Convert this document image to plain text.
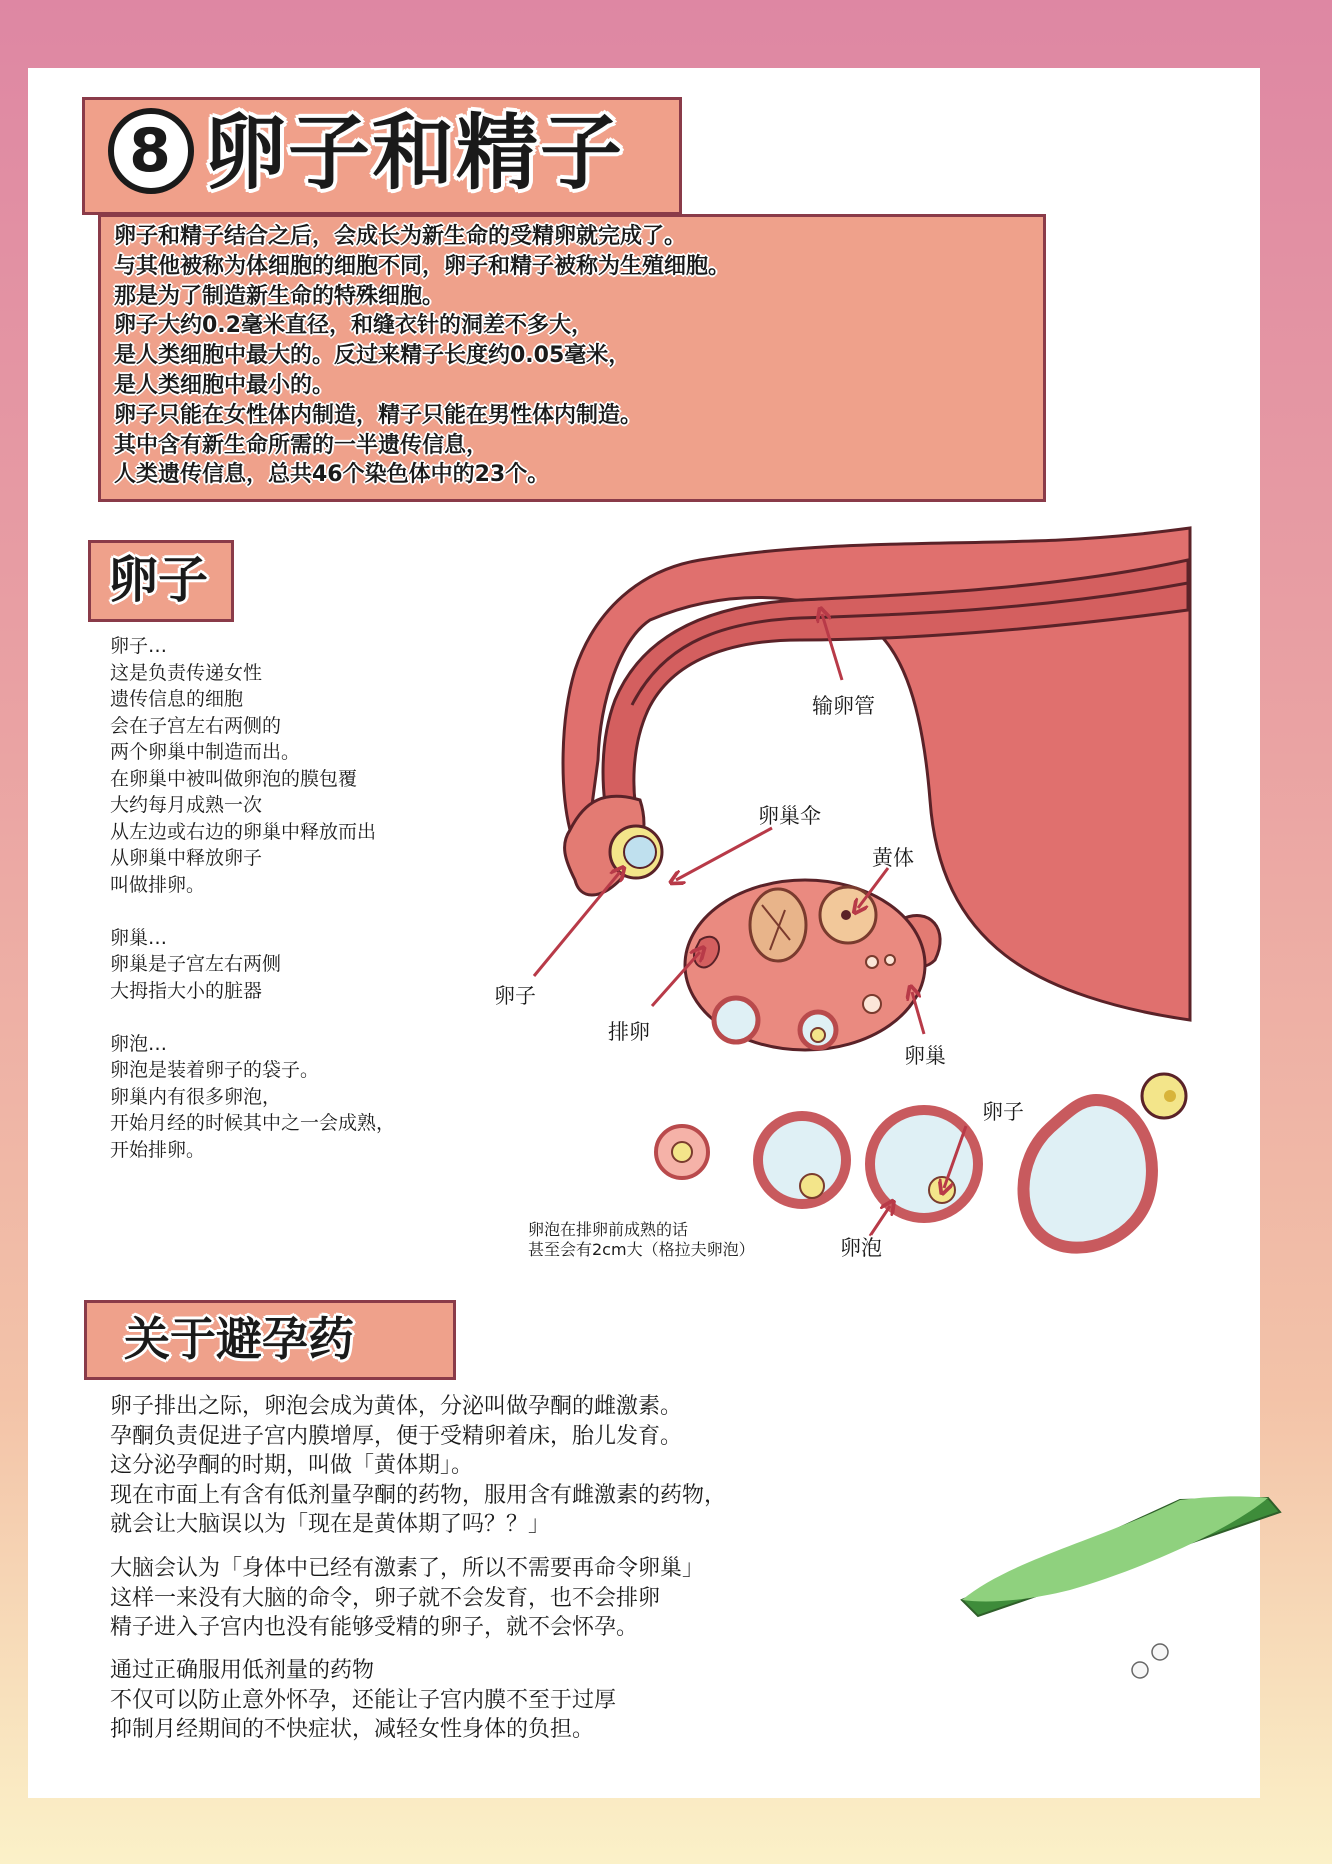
8 卵子和精子
卵子和精子结合之后，会成长为新生命的受精卵就完成了。
与其他被称为体细胞的细胞不同，卵子和精子被称为生殖细胞。
那是为了制造新生命的特殊细胞。
卵子大约0.2毫米直径，和缝衣针的洞差不多大，
是人类细胞中最大的。反过来精子长度约0.05毫米，
是人类细胞中最小的。
卵子只能在女性体内制造，精子只能在男性体内制造。
其中含有新生命所需的一半遗传信息，
人类遗传信息，总共46个染色体中的23个。
卵子
卵子…
这是负责传递女性
遗传信息的细胞
会在子宫左右两侧的
两个卵巢中制造而出。
在卵巢中被叫做卵泡的膜包覆
大约每月成熟一次
从左边或右边的卵巢中释放而出
从卵巢中释放卵子
叫做排卵。
卵巢…
卵巢是子宫左右两侧
大拇指大小的脏器
卵泡…
卵泡是装着卵子的袋子。
卵巢内有很多卵泡，
开始月经的时候其中之一会成熟，
开始排卵。
输卵管
卵巢伞
黄体
卵子
排卵
卵巢
卵子
卵泡
卵泡在排卵前成熟的话
甚至会有2cm大（格拉夫卵泡）
关于避孕药
卵子排出之际，卵泡会成为黄体，分泌叫做孕酮的雌激素。
孕酮负责促进子宫内膜增厚，便于受精卵着床，胎儿发育。
这分泌孕酮的时期，叫做「黄体期」。
现在市面上有含有低剂量孕酮的药物，服用含有雌激素的药物，
就会让大脑误以为「现在是黄体期了吗？？」
大脑会认为「身体中已经有激素了，所以不需要再命令卵巢」
这样一来没有大脑的命令，卵子就不会发育，也不会排卵
精子进入子宫内也没有能够受精的卵子，就不会怀孕。
通过正确服用低剂量的药物
不仅可以防止意外怀孕，还能让子宫内膜不至于过厚
抑制月经期间的不快症状，减轻女性身体的负担。
